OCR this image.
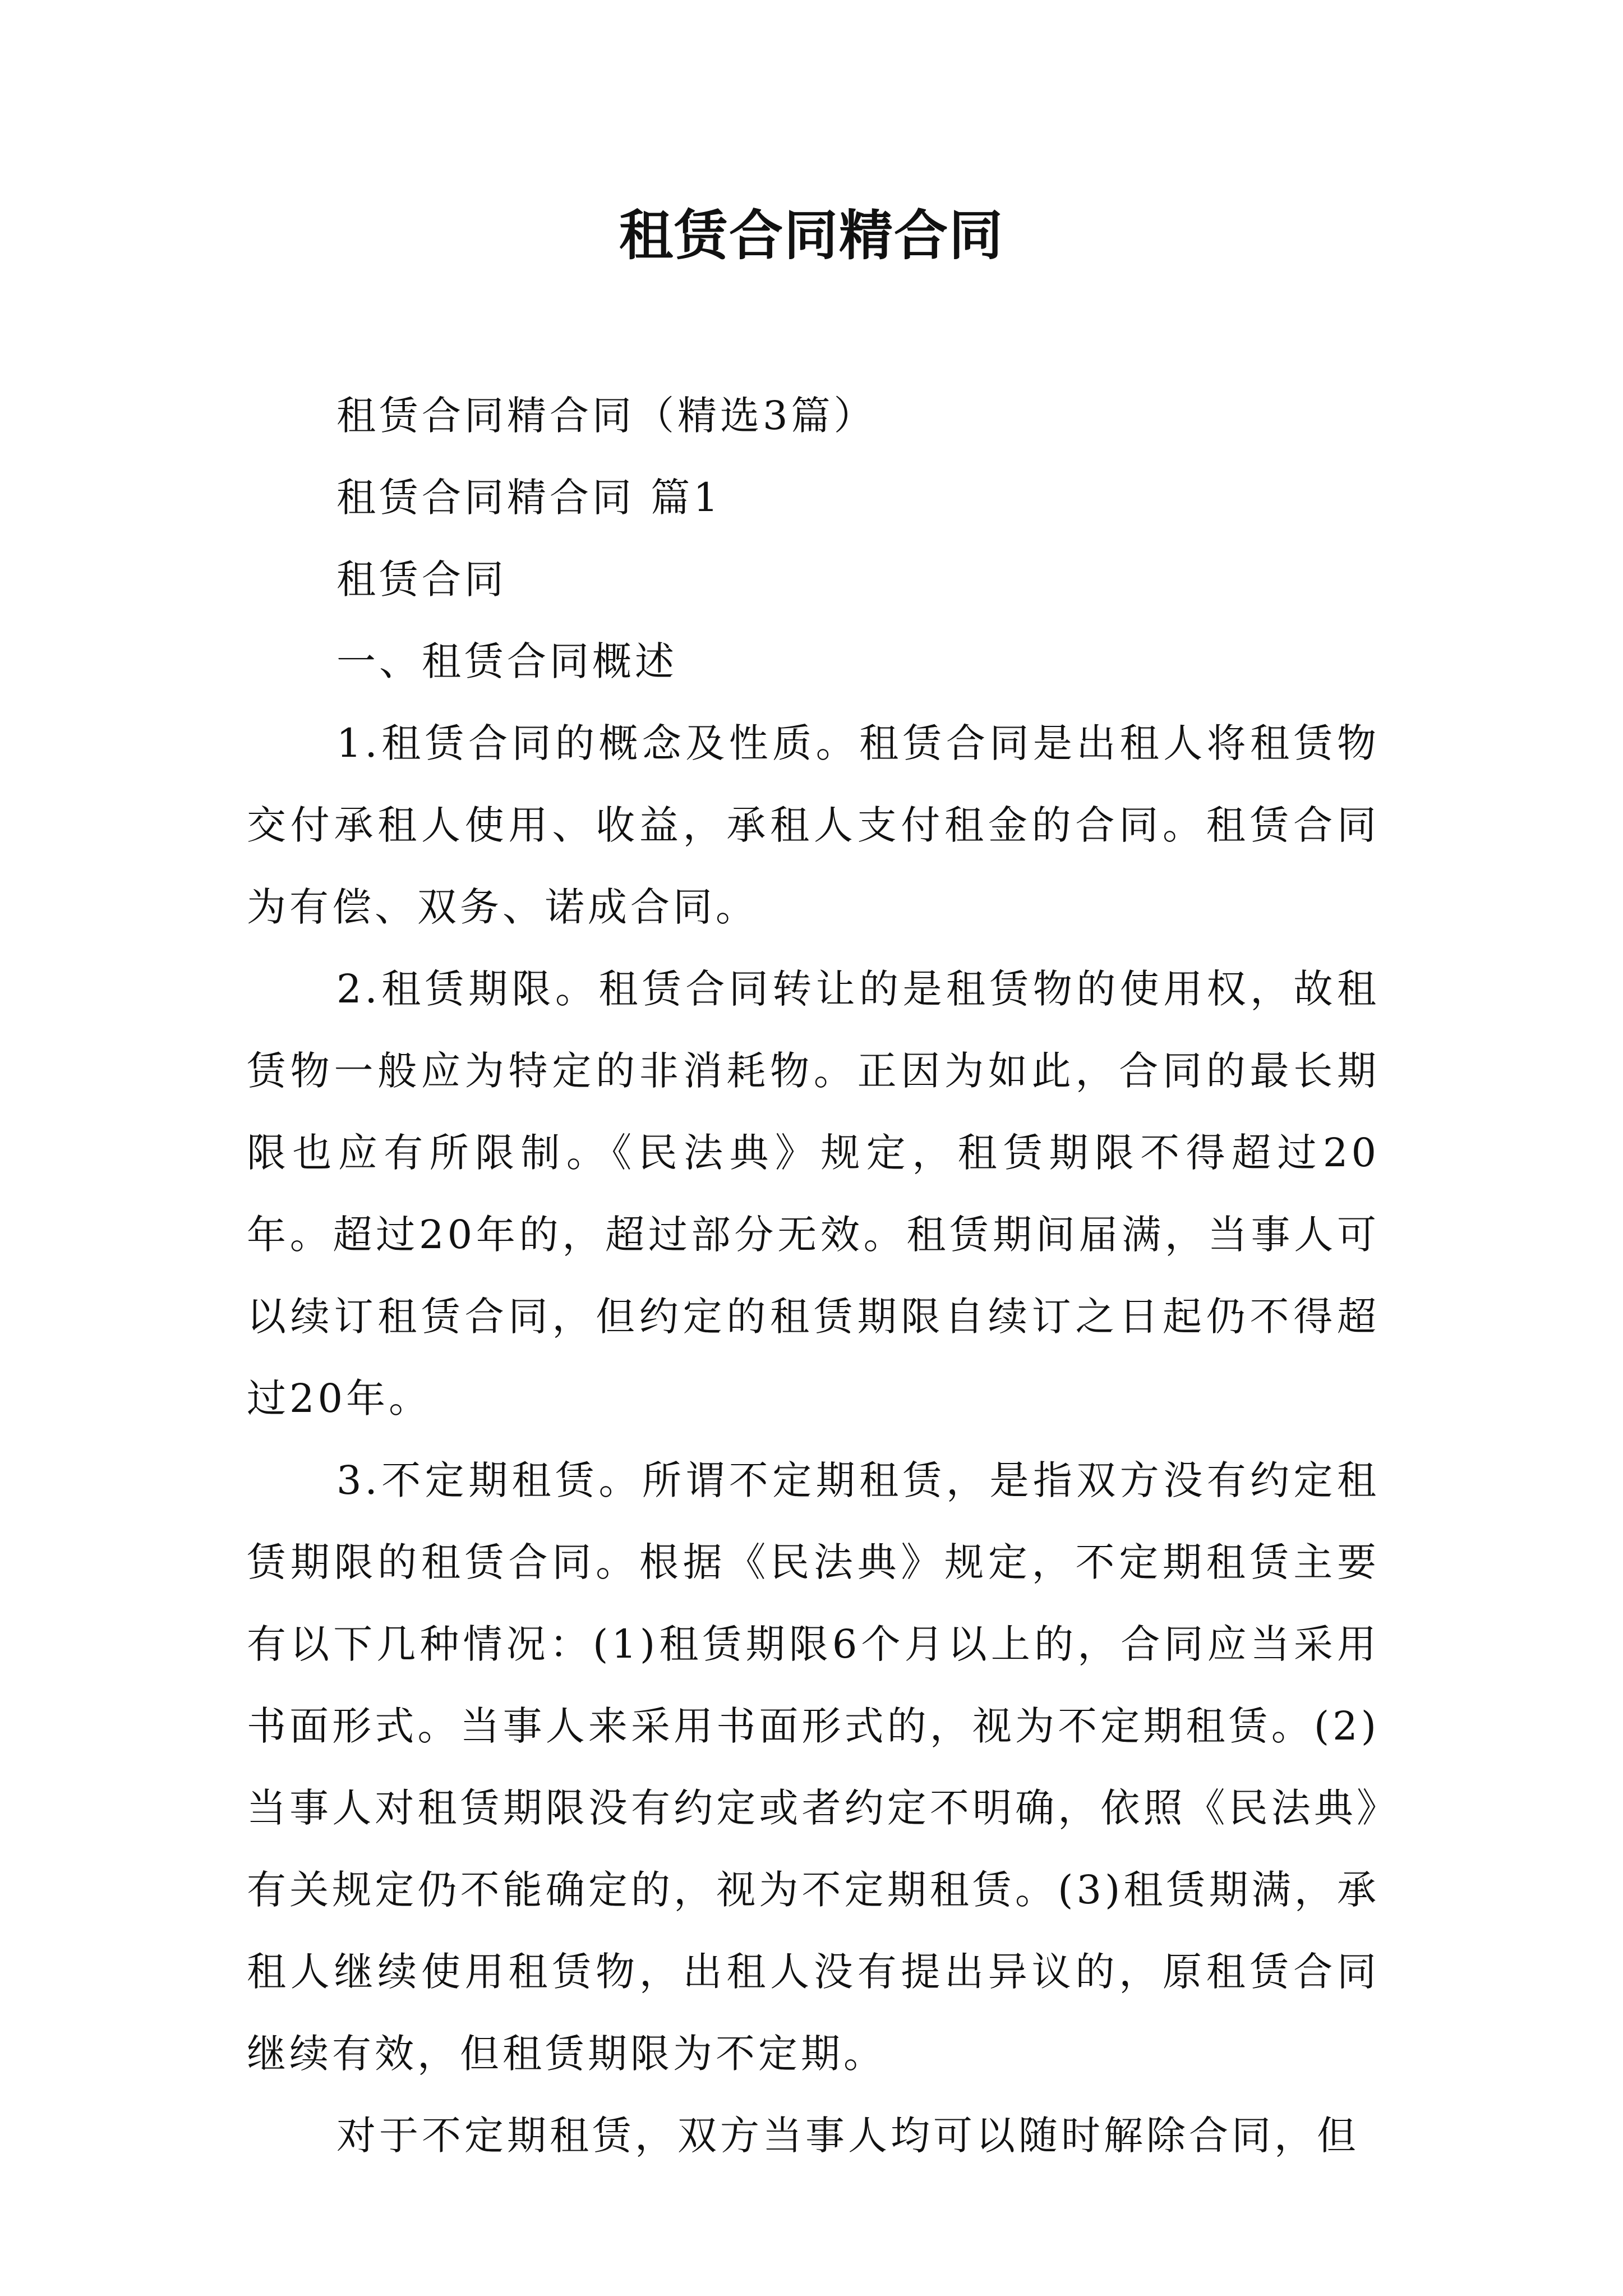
租赁合同精合同

租赁合同精合同（精选3篇）

租赁合同精合同 篇1

租赁合同

一、租赁合同概述

1.租赁合同的概念及性质。租赁合同是出租人将租赁物交付承租人使用、收益，承租人支付租金的合同。租赁合同为有偿、双务、诺成合同。

2.租赁期限。租赁合同转让的是租赁物的使用权，故租赁物一般应为特定的非消耗物。正因为如此，合同的最长期限也应有所限制。《民法典》规定，租赁期限不得超过20年。超过20年的，超过部分无效。租赁期间届满，当事人可以续订租赁合同，但约定的租赁期限自续订之日起仍不得超过20年。

3.不定期租赁。所谓不定期租赁，是指双方没有约定租赁期限的租赁合同。根据《民法典》规定，不定期租赁主要有以下几种情况：(1)租赁期限6个月以上的，合同应当采用书面形式。当事人来采用书面形式的，视为不定期租赁。(2)当事人对租赁期限没有约定或者约定不明确，依照《民法典》有关规定仍不能确定的，视为不定期租赁。(3)租赁期满，承租人继续使用租赁物，出租人没有提出异议的，原租赁合同继续有效，但租赁期限为不定期。

对于不定期租赁，双方当事人均可以随时解除合同，但
